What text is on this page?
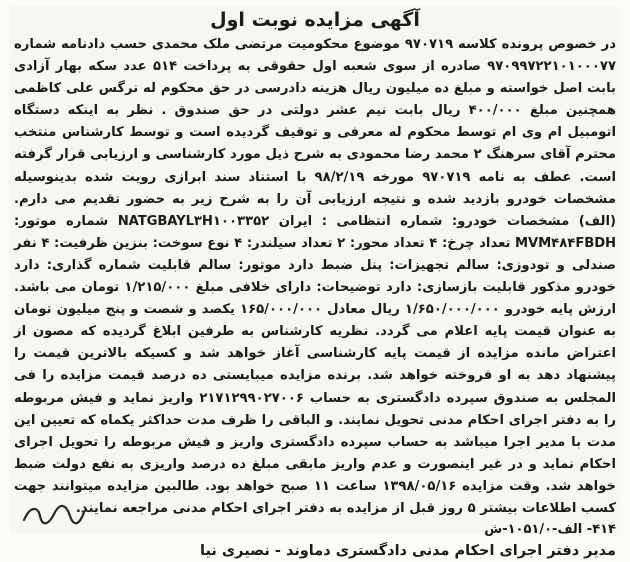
آگهی مزایده نوبت اول

در خصوص پرونده کلاسه ۹۷۰۷۱۹ موضوع محکومیت مرتضی ملک محمدی حسب دادنامه شماره ۹۷۰۹۹۷۲۲۱۰۱۰۰۰۷۷ صادره از سوی شعبه اول حقوقی به پرداخت ۵۱۴ عدد سکه بهار آزادی بابت اصل خواسته و مبلغ ده میلیون ریال هزینه دادرسی در حق محکوم له نرگس علی کاظمی همچنین مبلغ ۴۰۰/۰۰۰ ریال بابت نیم عشر دولتی در حق صندوق . نظر به اینکه دستگاه اتومبیل ام وی ام توسط محکوم له معرفی و توقیف گردیده است و توسط کارشناس منتخب محترم آقای سرهنگ ۲ محمد رضا محمودی به شرح ذیل مورد کارشناسی و ارزیابی قرار گرفته است. عطف به نامه ۹۷۰۷۱۹ مورخه ۹۸/۲/۱۹ با استناد سند ابرازی رویت شده بدینوسیله مشخصات خودرو بازدید شده و نتیجه ارزیابی آن را به شرح زیر به حضور تقدیم می دارم. (الف) مشخصات خودرو: شماره انتظامی : ایران NATGBAYL۳H۱۰۰۳۳۵۲ شماره موتور: MVM۴۸۴FBDH تعداد چرخ: ۴ تعداد محور: ۲ تعداد سیلندر: ۴ نوع سوخت: بنزین ظرفیت: ۴ نفر صندلی و تودوزی: سالم تجهیزات: پنل ضبط دارد موتور: سالم قابلیت شماره گذاری: دارد خودرو مذکور قابلیت بازسازی: دارد توضیحات: دارای خلافی مبلغ ۱/۲۱۵/۰۰۰ تومان می باشد. ارزش پایه خودرو ۱/۶۵۰/۰۰۰/۰۰۰ ریال معادل ۱۶۵/۰۰۰/۰۰۰ یکصد و شصت و پنج میلیون تومان به عنوان قیمت پایه اعلام می گردد. نظریه کارشناس به طرفین ابلاغ گردیده که مصون از اعتراض مانده مزایده از قیمت پایه کارشناسی آغاز خواهد شد و کسیکه بالاترین قیمت را پیشنهاد دهد به او فروخته خواهد شد. برنده مزایده میبایستی ده درصد قیمت مزایده را فی المجلس به صندوق سپرده دادگستری به حساب ۲۱۷۱۲۹۹۰۲۷۰۰۶ واریز نماید و فیش مربوطه را به دفتر اجرای احکام مدنی تحویل نمایند. و الباقی را ظرف مدت حداکثر یکماه که تعیین این مدت با مدیر اجرا میباشد به حساب سپرده دادگستری واریز و فیش مربوطه را تحویل اجرای احکام نماید و در غیر اینصورت و عدم واریز مابقی مبلغ ده درصد واریزی به نفع دولت ضبط خواهد شد. وقت مزایده ۱۳۹۸/۰۵/۱۶ ساعت ۱۱ صبح خواهد بود. طالبین مزایده میتوانند جهت کسب اطلاعات بیشتر ۵ روز قبل از مزایده به دفتر اجرای احکام مدنی مراجعه نمایند.

۴۱۴- الف-۱۰۵۱/۰-ش
مدیر دفتر اجرای احکام مدنی دادگستری دماوند - نصیری نیا
